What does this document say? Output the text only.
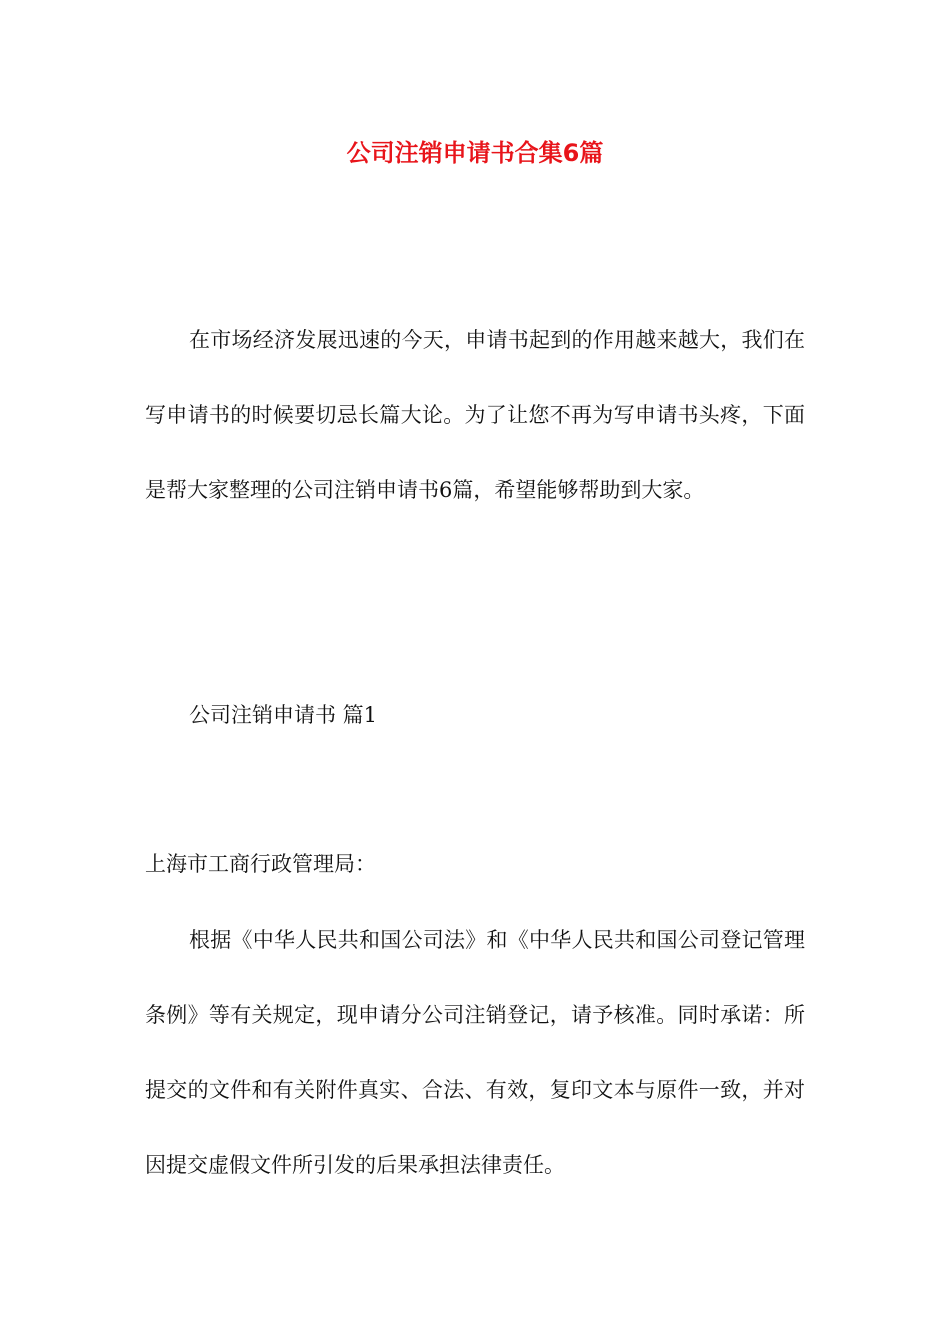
公司注销申请书合集6篇

在市场经济发展迅速的今天，申请书起到的作用越来越大，我们在写申请书的时候要切忌长篇大论。为了让您不再为写申请书头疼，下面是帮大家整理的公司注销申请书6篇，希望能够帮助到大家。

公司注销申请书 篇1

上海市工商行政管理局：

根据《中华人民共和国公司法》和《中华人民共和国公司登记管理条例》等有关规定，现申请分公司注销登记，请予核准。同时承诺：所提交的文件和有关附件真实、合法、有效，复印文本与原件一致，并对因提交虚假文件所引发的后果承担法律责任。
